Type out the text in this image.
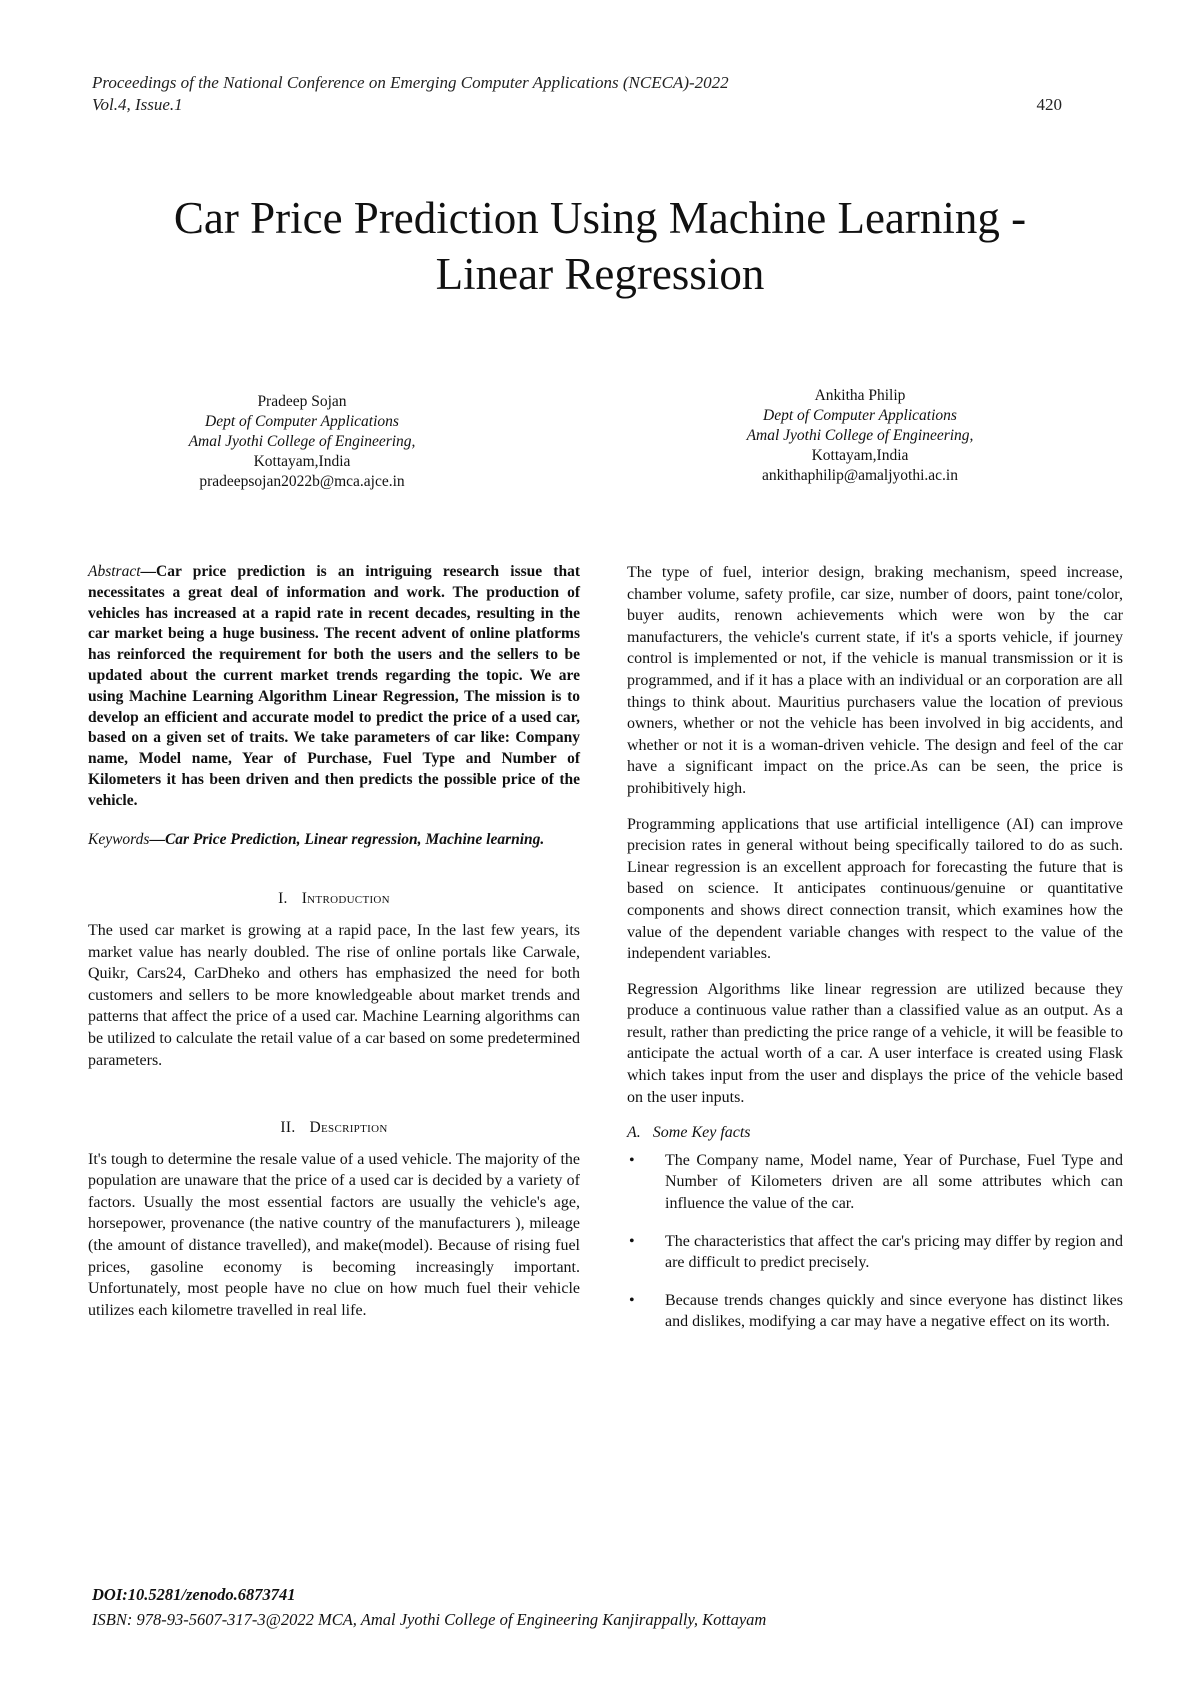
Proceedings of the National Conference on Emerging Computer Applications (NCECA)-2022
Vol.4, Issue.1	420
Car Price Prediction Using Machine Learning -
Linear Regression
Pradeep Sojan
Dept of Computer Applications
Amal Jyothi College of Engineering,
Kottayam,India
pradeepsojan2022b@mca.ajce.in
Ankitha Philip
Dept of Computer Applications
Amal Jyothi College of Engineering,
Kottayam,India
ankithaphilip@amaljyothi.ac.in

Abstract—Car price prediction is an intriguing research issue that necessitates a great deal of information and work. The production of vehicles has increased at a rapid rate in recent decades, resulting in the car market being a huge business. The recent advent of online platforms has reinforced the requirement for both the users and the sellers to be updated about the current market trends regarding the topic. We are using Machine Learning Algorithm Linear Regression, The mission is to develop an efficient and accurate model to predict the price of a used car, based on a given set of traits. We take parameters of car like: Company name, Model name, Year of Purchase, Fuel Type and Number of Kilometers it has been driven and then predicts the possible price of the vehicle.

Keywords—Car Price Prediction, Linear regression, Machine learning.

I. Introduction

The used car market is growing at a rapid pace, In the last few years, its market value has nearly doubled. The rise of online portals like Carwale, Quikr, Cars24, CarDheko and others has emphasized the need for both customers and sellers to be more knowledgeable about market trends and patterns that affect the price of a used car. Machine Learning algorithms can be utilized to calculate the retail value of a car based on some predetermined parameters.

II. Description

It's tough to determine the resale value of a used vehicle. The majority of the population are unaware that the price of a used car is decided by a variety of factors. Usually the most essential factors are usually the vehicle's age, horsepower, provenance (the native country of the manufacturers ), mileage (the amount of distance travelled), and make(model). Because of rising fuel prices, gasoline economy is becoming increasingly important. Unfortunately, most people have no clue on how much fuel their vehicle utilizes each kilometre travelled in real life.

The type of fuel, interior design, braking mechanism, speed increase, chamber volume, safety profile, car size, number of doors, paint tone/color, buyer audits, renown achievements which were won by the car manufacturers, the vehicle's current state, if it's a sports vehicle, if journey control is implemented or not, if the vehicle is manual transmission or it is programmed, and if it has a place with an individual or an corporation are all things to think about. Mauritius purchasers value the location of previous owners, whether or not the vehicle has been involved in big accidents, and whether or not it is a woman-driven vehicle. The design and feel of the car have a significant impact on the price.As can be seen, the price is prohibitively high.

Programming applications that use artificial intelligence (AI) can improve precision rates in general without being specifically tailored to do as such. Linear regression is an excellent approach for forecasting the future that is based on science. It anticipates continuous/genuine or quantitative components and shows direct connection transit, which examines how the value of the dependent variable changes with respect to the value of the independent variables.

Regression Algorithms like linear regression are utilized because they produce a continuous value rather than a classified value as an output. As a result, rather than predicting the price range of a vehicle, it will be feasible to anticipate the actual worth of a car. A user interface is created using Flask which takes input from the user and displays the price of the vehicle based on the user inputs.

A. Some Key facts
• The Company name, Model name, Year of Purchase, Fuel Type and Number of Kilometers driven are all some attributes which can influence the value of the car.
• The characteristics that affect the car's pricing may differ by region and are difficult to predict precisely.
• Because trends changes quickly and since everyone has distinct likes and dislikes, modifying a car may have a negative effect on its worth.
DOI:10.5281/zenodo.6873741
ISBN: 978-93-5607-317-3@2022 MCA, Amal Jyothi College of Engineering Kanjirappally, Kottayam
